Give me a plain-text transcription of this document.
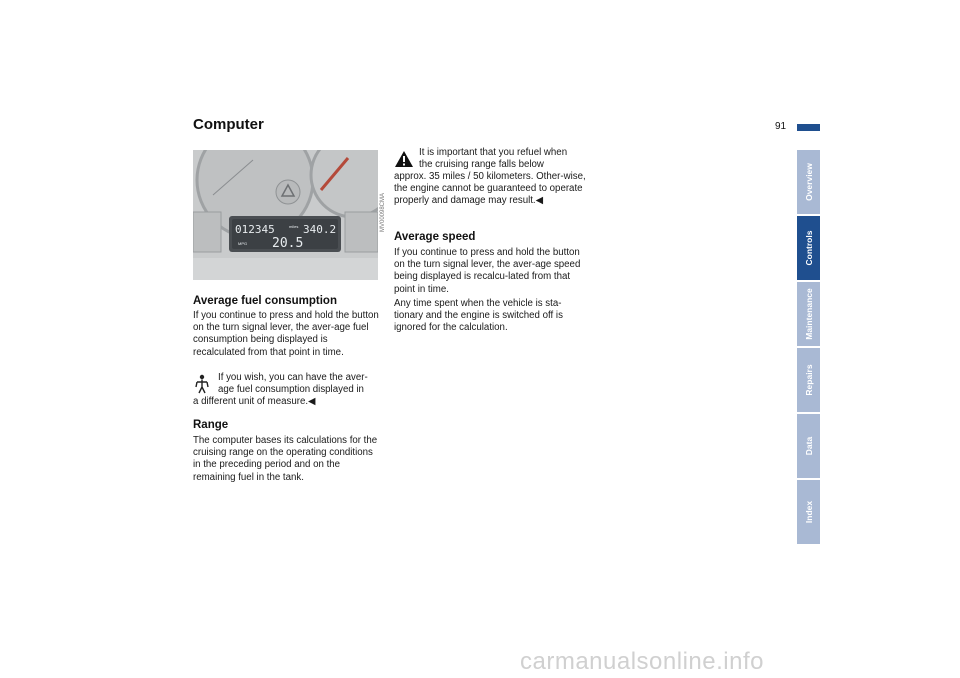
Computer	91
012345	miles 340.2
MPG 20.5
MV00098CMA
Average fuel consumption

If you continue to press and hold the button on the turn signal lever, the aver-age fuel consumption being displayed is recalculated from that point in time.

If you wish, you can have the aver-

age fuel consumption displayed in

a different unit of measure.◀

Range

The computer bases its calculations for the cruising range on the operating conditions in the preceding period and on the remaining fuel in the tank.

It is important that you refuel when

the cruising range falls below

approx. 35 miles / 50 kilometers. Other-wise, the engine cannot be guaranteed to operate properly and damage may result.◀

Average speed

If you continue to press and hold the button on the turn signal lever, the aver-age speed being displayed is recalcu-lated from that point in time.

Any time spent when the vehicle is sta-tionary and the engine is switched off is ignored for the calculation.

Overview
Controls
Maintenance
Repairs
Data
Index
carmanualsonline.info
